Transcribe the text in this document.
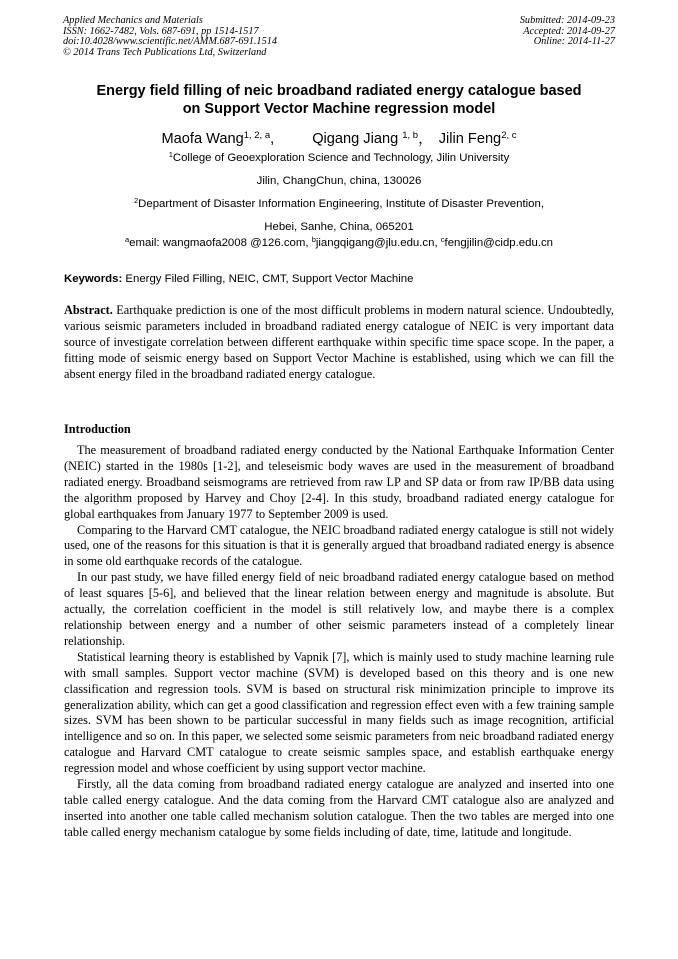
Applied Mechanics and Materials
ISSN: 1662-7482, Vols. 687-691, pp 1514-1517
doi:10.4028/www.scientific.net/AMM.687-691.1514
© 2014 Trans Tech Publications Ltd, Switzerland
Submitted: 2014-09-23
Accepted: 2014-09-27
Online: 2014-11-27
Energy field filling of neic broadband radiated energy catalogue based
on Support Vector Machine regression model
Maofa Wang$^{1, 2, a}$,	Qigang Jiang $^{1, b}$， Jilin Feng$^{2, c}$
$^1$College of Geoexploration Science and Technology, Jilin University
Jilin, ChangChun, china, 130026
$^2$Department of Disaster Information Engineering, Institute of Disaster Prevention,
Hebei, Sanhe, China, 065201
$^a$email: wangmaofa2008 @126.com, $^b$jiangqigang@jlu.edu.cn, $^c$fengjilin@cidp.edu.cn
Keywords: Energy Filed Filling, NEIC, CMT, Support Vector Machine
Abstract. Earthquake prediction is one of the most difficult problems in modern natural science. Undoubtedly, various seismic parameters included in broadband radiated energy catalogue of NEIC is very important data source of investigate correlation between different earthquake within specific time space scope. In the paper, a fitting mode of seismic energy based on Support Vector Machine is established, using which we can fill the absent energy filed in the broadband radiated energy catalogue.
Introduction

The measurement of broadband radiated energy conducted by the National Earthquake Information Center (NEIC) started in the 1980s [1-2], and teleseismic body waves are used in the measurement of broadband radiated energy. Broadband seismograms are retrieved from raw LP and SP data or from raw IP/BB data using the algorithm proposed by Harvey and Choy [2-4]. In this study, broadband radiated energy catalogue for global earthquakes from January 1977 to September 2009 is used.

Comparing to the Harvard CMT catalogue, the NEIC broadband radiated energy catalogue is still not widely used, one of the reasons for this situation is that it is generally argued that broadband radiated energy is absence in some old earthquake records of the catalogue.

In our past study, we have filled energy field of neic broadband radiated energy catalogue based on method of least squares [5-6], and believed that the linear relation between energy and magnitude is absolute. But actually, the correlation coefficient in the model is still relatively low, and maybe there is a complex relationship between energy and a number of other seismic parameters instead of a completely linear relationship.

Statistical learning theory is established by Vapnik [7], which is mainly used to study machine learning rule with small samples. Support vector machine (SVM) is developed based on this theory and is one new classification and regression tools. SVM is based on structural risk minimization principle to improve its generalization ability, which can get a good classification and regression effect even with a few training sample sizes. SVM has been shown to be particular successful in many fields such as image recognition, artificial intelligence and so on. In this paper, we selected some seismic parameters from neic broadband radiated energy catalogue and Harvard CMT catalogue to create seismic samples space, and establish earthquake energy regression model and whose coefficient by using support vector machine.

Firstly, all the data coming from broadband radiated energy catalogue are analyzed and inserted into one table called energy catalogue. And the data coming from the Harvard CMT catalogue also are analyzed and inserted into another one table called mechanism solution catalogue. Then the two tables are merged into one table called energy mechanism catalogue by some fields including of date, time, latitude and longitude.
